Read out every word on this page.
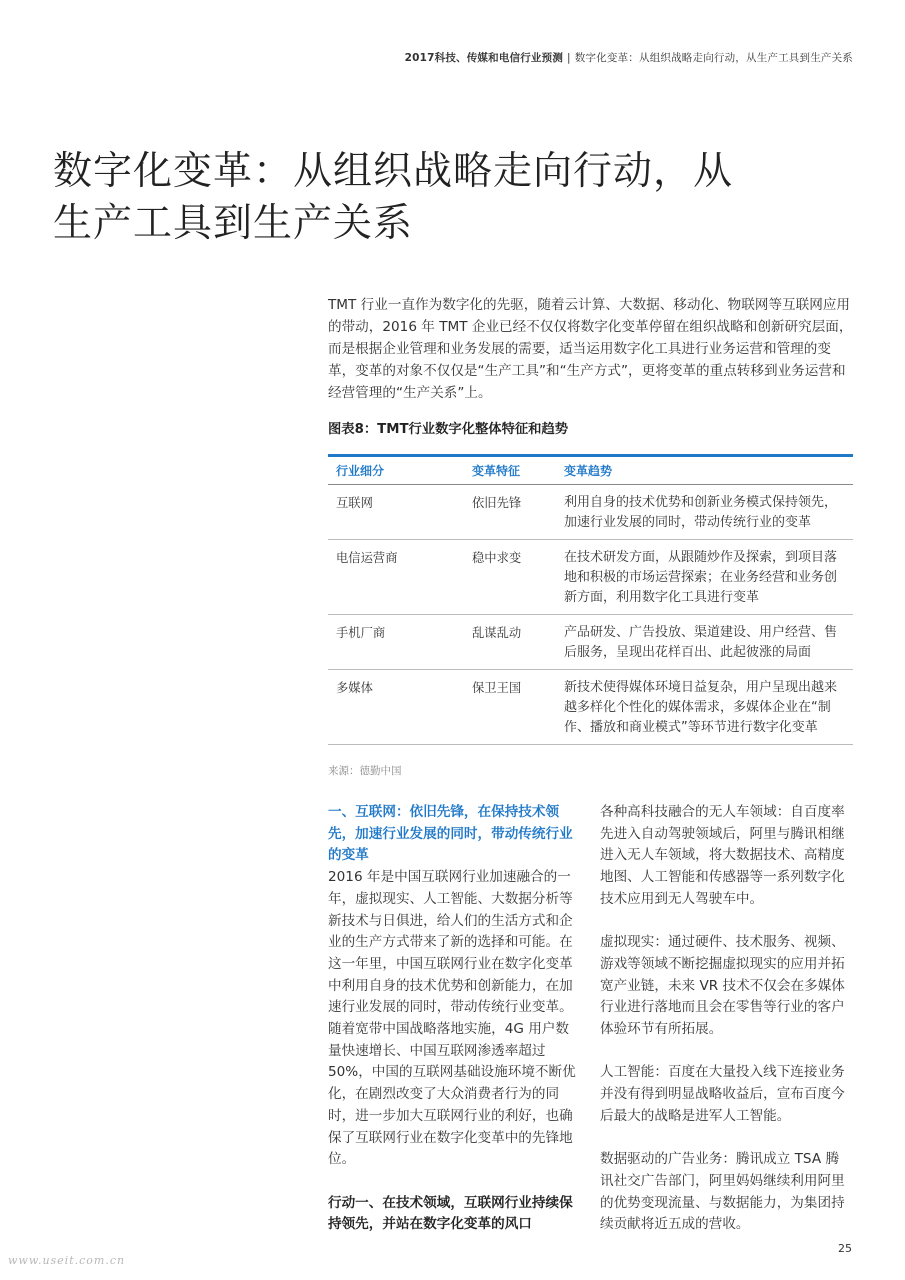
2017科技、传媒和电信行业预测 | 数字化变革：从组织战略走向行动，从生产工具到生产关系
数字化变革：从组织战略走向行动，从
生产工具到生产关系
TMT 行业一直作为数字化的先驱，随着云计算、大数据、移动化、物联网等互联网应用的带动，2016 年 TMT 企业已经不仅仅将数字化变革停留在组织战略和创新研究层面，而是根据企业管理和业务发展的需要，适当运用数字化工具进行业务运营和管理的变革，变革的对象不仅仅是“生产工具”和“生产方式”，更将变革的重点转移到业务运营和经营管理的“生产关系”上。
图表8：TMT行业数字化整体特征和趋势
行业细分	变革特征	变革趋势
互联网	依旧先锋	利用自身的技术优势和创新业务模式保持领先，加速行业发展的同时，带动传统行业的变革
电信运营商	稳中求变	在技术研发方面，从跟随炒作及探索，到项目落地和积极的市场运营探索；在业务经营和业务创新方面，利用数字化工具进行变革
手机厂商	乱谋乱动	产品研发、广告投放、渠道建设、用户经营、售后服务，呈现出花样百出、此起彼涨的局面
多媒体	保卫王国	新技术使得媒体环境日益复杂，用户呈现出越来越多样化个性化的媒体需求，多媒体企业在“制作、播放和商业模式”等环节进行数字化变革
来源：德勤中国
一、互联网：依旧先锋，在保持技术领先，加速行业发展的同时，带动传统行业的变革

2016 年是中国互联网行业加速融合的一年，虚拟现实、人工智能、大数据分析等新技术与日俱进，给人们的生活方式和企业的生产方式带来了新的选择和可能。在这一年里，中国互联网行业在数字化变革中利用自身的技术优势和创新能力，在加速行业发展的同时，带动传统行业变革。随着宽带中国战略落地实施，4G 用户数量快速增长、中国互联网渗透率超过 50%，中国的互联网基础设施环境不断优化，在剧烈改变了大众消费者行为的同时，进一步加大互联网行业的利好，也确保了互联网行业在数字化变革中的先锋地位。

行动一、在技术领域，互联网行业持续保持领先，并站在数字化变革的风口

各种高科技融合的无人车领域：自百度率先进入自动驾驶领域后，阿里与腾讯相继进入无人车领域，将大数据技术、高精度地图、人工智能和传感器等一系列数字化技术应用到无人驾驶车中。

虚拟现实：通过硬件、技术服务、视频、游戏等领域不断挖掘虚拟现实的应用并拓宽产业链，未来 VR 技术不仅会在多媒体行业进行落地而且会在零售等行业的客户体验环节有所拓展。

人工智能：百度在大量投入线下连接业务并没有得到明显战略收益后，宣布百度今后最大的战略是进军人工智能。

数据驱动的广告业务：腾讯成立 TSA 腾讯社交广告部门，阿里妈妈继续利用阿里的优势变现流量、与数据能力，为集团持续贡献将近五成的营收。

25
www.useit.com.cn
